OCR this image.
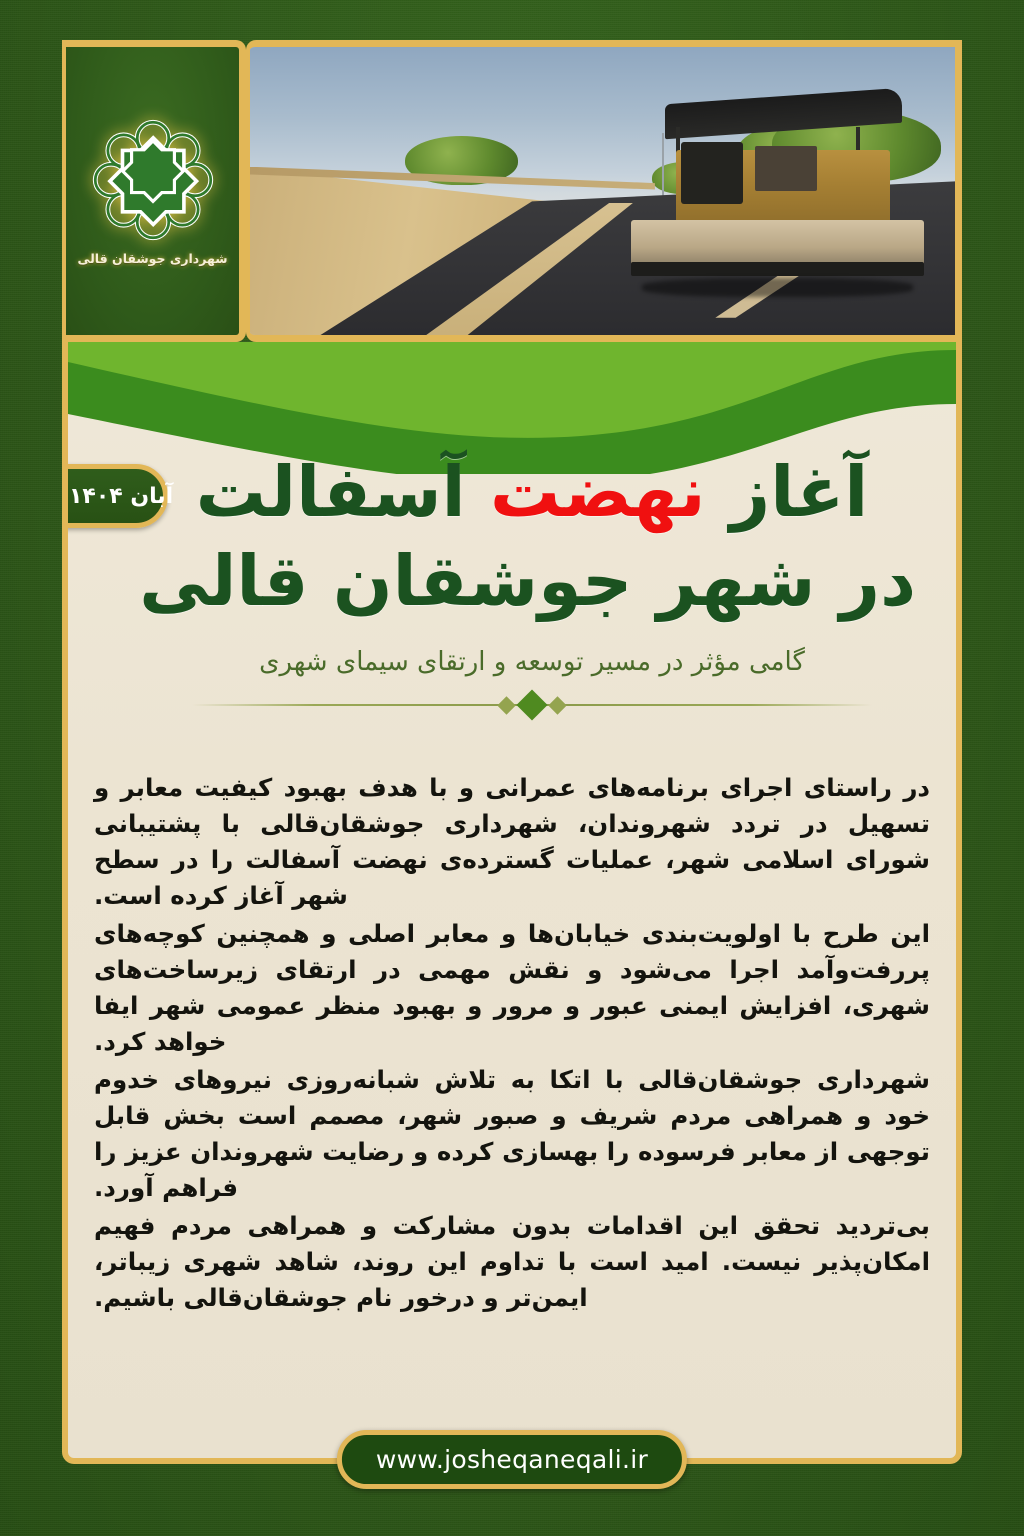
شهرداری جوشقان قالی
آبان ۱۴۰۴	آغاز نهضت آسفالت
در شهر جوشقان قالی
گامی مؤثر در مسیر توسعه و ارتقای سیمای شهری

در راستای اجرای برنامه‌های عمرانی و با هدف بهبود کیفیت معابر و تسهیل در تردد شهروندان، شهرداری جوشقان‌قالی با پشتیبانی شورای اسلامی شهر، عملیات گسترده‌ی نهضت آسفالت را در سطح شهر آغاز کرده است.

این طرح با اولویت‌بندی خیابان‌ها و معابر اصلی و همچنین کوچه‌های پررفت‌وآمد اجرا می‌شود و نقش مهمی در ارتقای زیرساخت‌های شهری، افزایش ایمنی عبور و مرور و بهبود منظر عمومی شهر ایفا خواهد کرد.

شهرداری جوشقان‌قالی با اتکا به تلاش شبانه‌روزی نیروهای خدوم خود و همراهی مردم شریف و صبور شهر، مصمم است بخش قابل توجهی از معابر فرسوده را بهسازی کرده و رضایت شهروندان عزیز را فراهم آورد.

بی‌تردید تحقق این اقدامات بدون مشارکت و همراهی مردم فهیم امکان‌پذیر نیست. امید است با تداوم این روند، شاهد شهری زیباتر، ایمن‌تر و درخور نام جوشقان‌قالی باشیم.

www.josheqaneqali.ir
